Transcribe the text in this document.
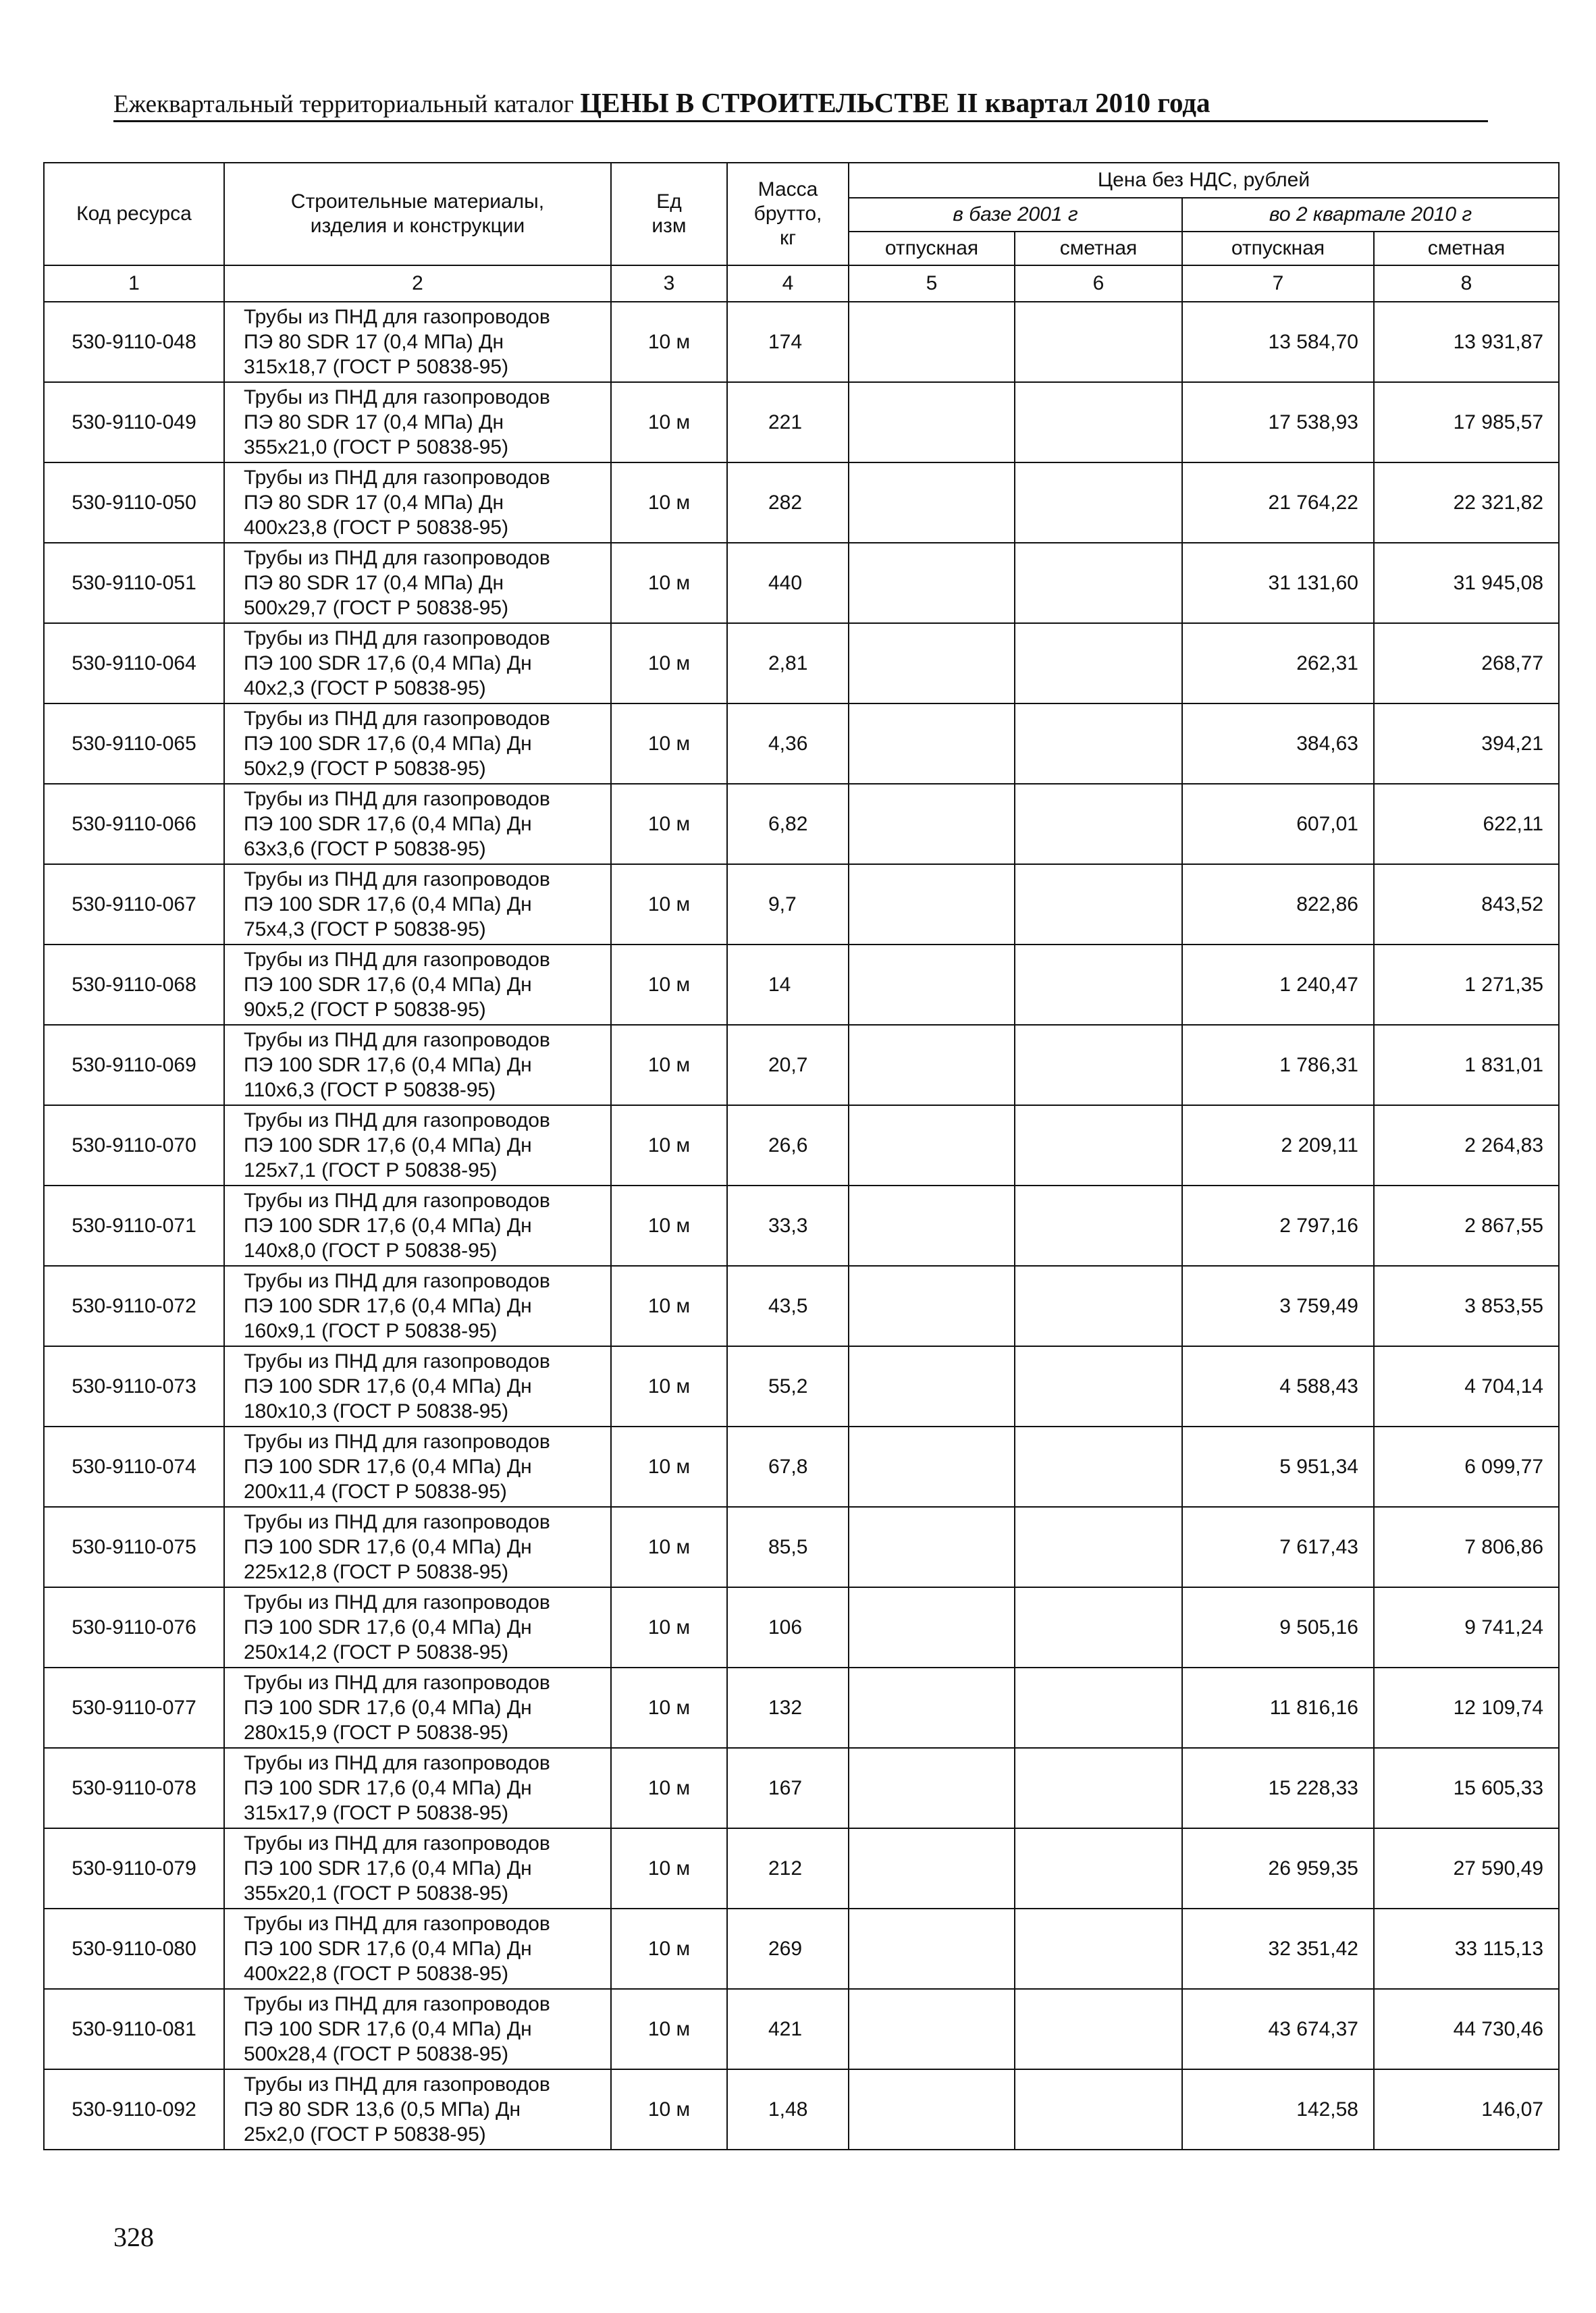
Ежеквартальный территориальный каталог ЦЕНЫ В СТРОИТЕЛЬСТВЕ II квартал 2010 года
Код ресурса	Строительные материалы, изделия и конструкции	Ед изм	Масса брутто, кг	Цена без НДС, рублей			
				в базе 2001 г		во 2 квартале 2010 г	
				отпускная	сметная	отпускная	сметная
1	2	3	4	5	6	7	8
530-9110-048	Трубы из ПНД для газопроводов
ПЭ 80 SDR 17 (0,4 МПа) Дн
315x18,7 (ГОСТ Р 50838-95)	10 м	174			13 584,70	13 931,87
530-9110-049	Трубы из ПНД для газопроводов
ПЭ 80 SDR 17 (0,4 МПа) Дн
355x21,0 (ГОСТ Р 50838-95)	10 м	221			17 538,93	17 985,57
530-9110-050	Трубы из ПНД для газопроводов
ПЭ 80 SDR 17 (0,4 МПа) Дн
400x23,8 (ГОСТ Р 50838-95)	10 м	282			21 764,22	22 321,82
530-9110-051	Трубы из ПНД для газопроводов
ПЭ 80 SDR 17 (0,4 МПа) Дн
500x29,7 (ГОСТ Р 50838-95)	10 м	440			31 131,60	31 945,08
530-9110-064	Трубы из ПНД для газопроводов
ПЭ 100 SDR 17,6 (0,4 МПа) Дн
40x2,3 (ГОСТ Р 50838-95)	10 м	2,81			262,31	268,77
530-9110-065	Трубы из ПНД для газопроводов
ПЭ 100 SDR 17,6 (0,4 МПа) Дн
50x2,9 (ГОСТ Р 50838-95)	10 м	4,36			384,63	394,21
530-9110-066	Трубы из ПНД для газопроводов
ПЭ 100 SDR 17,6 (0,4 МПа) Дн
63x3,6 (ГОСТ Р 50838-95)	10 м	6,82			607,01	622,11
530-9110-067	Трубы из ПНД для газопроводов
ПЭ 100 SDR 17,6 (0,4 МПа) Дн
75x4,3 (ГОСТ Р 50838-95)	10 м	9,7			822,86	843,52
530-9110-068	Трубы из ПНД для газопроводов
ПЭ 100 SDR 17,6 (0,4 МПа) Дн
90x5,2 (ГОСТ Р 50838-95)	10 м	14			1 240,47	1 271,35
530-9110-069	Трубы из ПНД для газопроводов
ПЭ 100 SDR 17,6 (0,4 МПа) Дн
110x6,3 (ГОСТ Р 50838-95)	10 м	20,7			1 786,31	1 831,01
530-9110-070	Трубы из ПНД для газопроводов
ПЭ 100 SDR 17,6 (0,4 МПа) Дн
125x7,1 (ГОСТ Р 50838-95)	10 м	26,6			2 209,11	2 264,83
530-9110-071	Трубы из ПНД для газопроводов
ПЭ 100 SDR 17,6 (0,4 МПа) Дн
140x8,0 (ГОСТ Р 50838-95)	10 м	33,3			2 797,16	2 867,55
530-9110-072	Трубы из ПНД для газопроводов
ПЭ 100 SDR 17,6 (0,4 МПа) Дн
160x9,1 (ГОСТ Р 50838-95)	10 м	43,5			3 759,49	3 853,55
530-9110-073	Трубы из ПНД для газопроводов
ПЭ 100 SDR 17,6 (0,4 МПа) Дн
180x10,3 (ГОСТ Р 50838-95)	10 м	55,2			4 588,43	4 704,14
530-9110-074	Трубы из ПНД для газопроводов
ПЭ 100 SDR 17,6 (0,4 МПа) Дн
200x11,4 (ГОСТ Р 50838-95)	10 м	67,8			5 951,34	6 099,77
530-9110-075	Трубы из ПНД для газопроводов
ПЭ 100 SDR 17,6 (0,4 МПа) Дн
225x12,8 (ГОСТ Р 50838-95)	10 м	85,5			7 617,43	7 806,86
530-9110-076	Трубы из ПНД для газопроводов
ПЭ 100 SDR 17,6 (0,4 МПа) Дн
250x14,2 (ГОСТ Р 50838-95)	10 м	106			9 505,16	9 741,24
530-9110-077	Трубы из ПНД для газопроводов
ПЭ 100 SDR 17,6 (0,4 МПа) Дн
280x15,9 (ГОСТ Р 50838-95)	10 м	132			11 816,16	12 109,74
530-9110-078	Трубы из ПНД для газопроводов
ПЭ 100 SDR 17,6 (0,4 МПа) Дн
315x17,9 (ГОСТ Р 50838-95)	10 м	167			15 228,33	15 605,33
530-9110-079	Трубы из ПНД для газопроводов
ПЭ 100 SDR 17,6 (0,4 МПа) Дн
355x20,1 (ГОСТ Р 50838-95)	10 м	212			26 959,35	27 590,49
530-9110-080	Трубы из ПНД для газопроводов
ПЭ 100 SDR 17,6 (0,4 МПа) Дн
400x22,8 (ГОСТ Р 50838-95)	10 м	269			32 351,42	33 115,13
530-9110-081	Трубы из ПНД для газопроводов
ПЭ 100 SDR 17,6 (0,4 МПа) Дн
500x28,4 (ГОСТ Р 50838-95)	10 м	421			43 674,37	44 730,46
530-9110-092	Трубы из ПНД для газопроводов
ПЭ 80 SDR 13,6 (0,5 МПа) Дн
25x2,0 (ГОСТ Р 50838-95)	10 м	1,48			142,58	146,07
328
